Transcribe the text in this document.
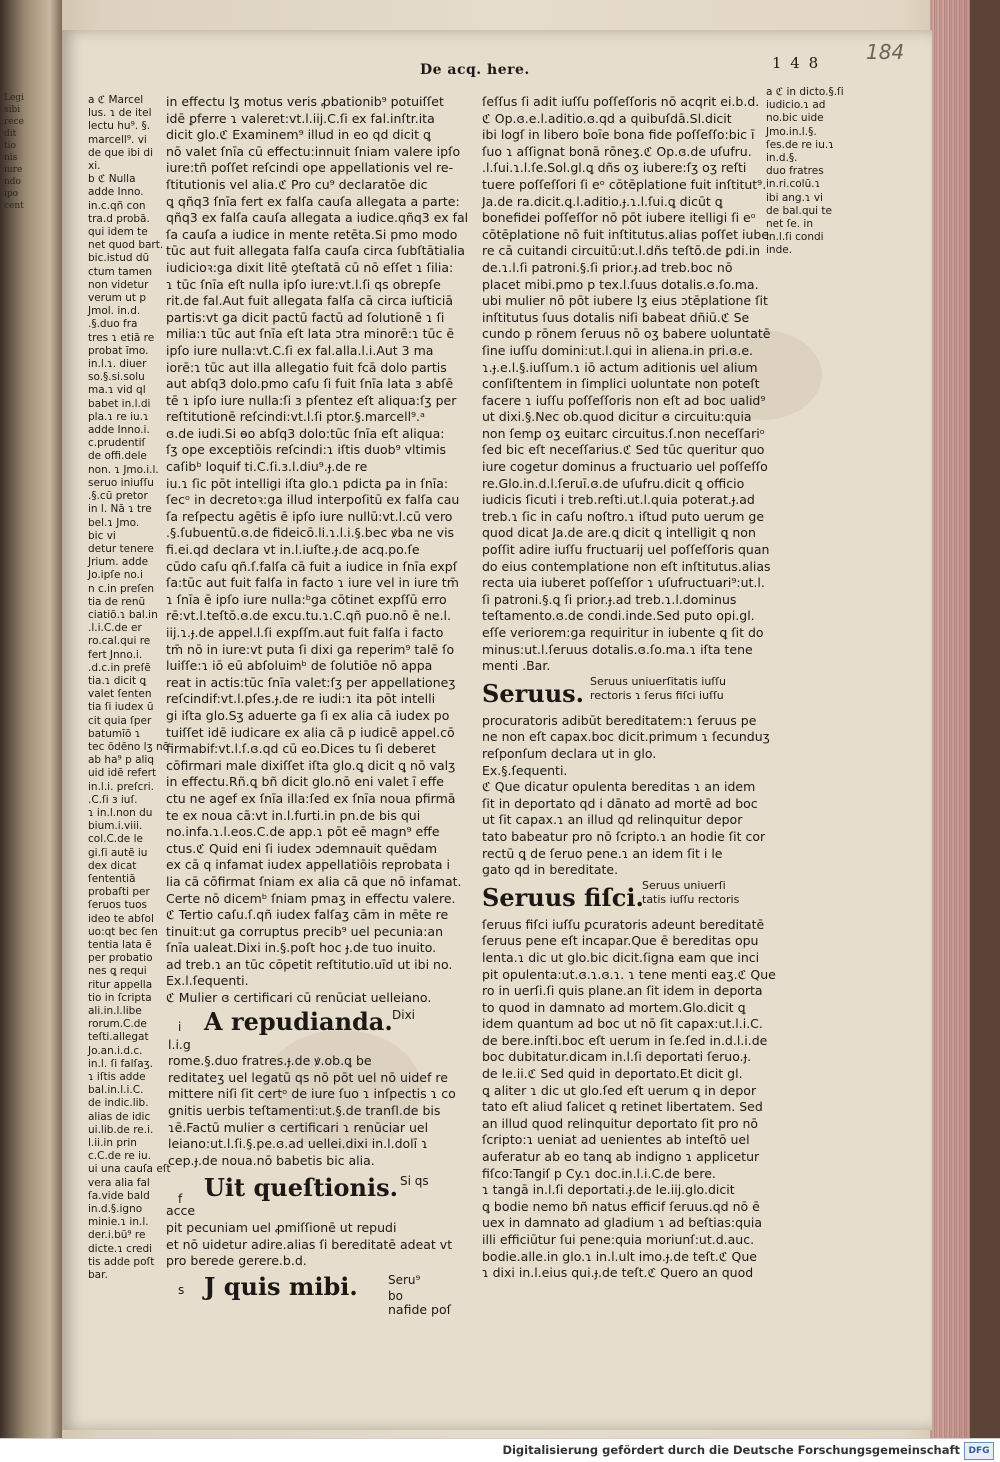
Legi
sibi
rece
dit
tio
nis
iure
ndo
ipo
cent
De acq. here.	1 4 8 184
a ℭ Marcel
lus. ɿ de itel
lectu hu⁹. §.
marcell⁹. vi
de que ibi di
xi.
b ℭ Nulla
adde Inno.
in.c.qñ con
tra.d probā.
qui idem te
net quod bart.
bic.istud dū
ctum tamen
non videtur
verum ut p
Jmol. in.d.
.§.duo fra
tres ɿ etiā re
probat īmo.
in.l.ɿ. diuer
so.§.si.solu
ma.ɿ vid ql
babet in.l.di
pla.ɿ re iu.ɿ
adde Inno.i.
c.prudentiſ
de offi.dele
non. ɿ Jmo.i.l.
seruo iniuſſu
.§.cū pretor
in l. Nā ɿ tre
bel.ɿ Jmo.
bic vi
detur tenere
Jrium. adde
Jo.ipſe no.i
n c.in preſen
tia de renū
ciatiō.ɿ bal.in
.l.i.C.de er
ro.cal.qui re
fert Jnno.i.
.d.c.in preſē
tia.ɿ dicit ꝗ
valet ſenten
tia ſi iudex ū
cit quia ſper
batumīō ɿ
tec ōdēno lʒ nō
ab ha⁹ p aliq
uid idē refert
in.l.i. preſcri.
.C.ſi ɜ iuſ.
ɿ in.l.non du
bium.i.viii.
col.C.de le
gi.ſi autē iu
dex dicat
ſententiā
probaſti per
ſeruos tuos
ideo te abſol
uo:qt bec ſen
tentia lata ē
per probatio
nes ꝗ requi
ritur appella
tio in ſcripta
ali.in.l.libe
rorum.C.de
teſti.allegat
Jo.an.i.d.c.
in.l. ſi falſaʒ.
ɿ iſtis adde
bal.in.l.i.C.
de indic.lib.
alias de idic
ui.lib.de re.i.
l.ii.in prin
c.C.de re iu.
ui una cauſa eſt
vera alia fal
ſa.vide bald
in.d.§.igno
minie.ɿ in.l.
der.i.bū⁹ re
dicte.ɿ credi
tis adde poſt
bar.
in effectu lʒ motus veris ꝓbationib⁹ potuiſſet
idē ꝑferre ɿ valeret:vt.l.iij.C.ſi ex fal.inſtr.ita
dicit glo.ℭ Examinem⁹ illud in eo qd dicit ꝗ
nō valet ſnīa cū effectu:innuit ſniam valere ipſo
iure:tñ poſſet reſcindi ope appellationis vel re-
ſtitutionis vel alia.ℭ Pro cu⁹ declaratōe dic
ꝗ qñq3 ſnīa fert ex falſa cauſa allegata a parte:
qñq3 ex falſa cauſa allegata a iudice.qñq3 ex fal
ſa cauſa a iudice in mente retēta.Si pmo modo
tūc aut fuit allegata falſa cauſa circa ſubſtātialia
iudicioꝛ:ga dixit litē ꝯteſtatā cū nō eſſet ɿ ſilia:
ɿ tūc ſnīa eſt nulla ipſo iure:vt.l.ſi qs obrepſe
rit.de fal.Aut fuit allegata falſa cā circa iuſticiā
partis:vt ga dicit pactū factū ad ſolutionē ɿ ſi
milia:ɿ tūc aut ſnīa eſt lata ɔtra minorē:ɿ tūc ē
ipſo iure nulla:vt.C.ſi ex fal.alla.l.i.Aut 3 ma
iorē:ɿ tūc aut illa allegatio fuit fcā dolo partis
aut abſq3 dolo.pmo caſu ſi fuit ſnīa lata ɜ abſē
tē ɿ ipſo iure nulla:ſi ɜ pſentez eſt aliqua:ſʒ per
reſtitutionē reſcindi:vt.l.ſi ptor.§.marcell⁹.ᵃ
ɞ.de iudi.Si ɵo abſq3 dolo:tūc ſnīa eſt aliqua:
ſʒ ope exceptiōis reſcindi:ɿ iſtis duob⁹ vltimis
caſibᵇ loquif ti.C.ſi.ɜ.l.diu⁹.ɟ.de re
iu.ɿ ſic pōt intelligi iſta glo.ɿ pdicta ꝑa in ſnīa:
ſecᵒ in decretoꝛ:ga illud interpoſitū ex falſa cau
ſa reſpectu agētis ē ipſo iure nullū:vt.l.cū vero
.§.ſubuentū.ɞ.de fideicō.li.ɿ.l.i.§.bec ꝟba ne vis
fi.ei.qd declara vt in.l.iuſte.ɟ.de acq.po.ſe
cūdo caſu qñ.ſ.falſa cā fuit a iudice in ſnīa expſ
ſa:tūc aut fuit falſa in facto ɿ iure vel in iure tm̄
ɿ ſnīa ē ipſo iure nulla:ᵇga cōtinet expſſū erro
rē:vt.l.teſtō.ɞ.de excu.tu.ɿ.C.qñ puo.nō ē ne.l.
iij.ɿ.ɟ.de appel.l.ſi expſſm.aut fuit falſa i facto
tm̄ nō in iure:vt puta ſi dixi ga reperim⁹ talē ſo
luiſſe:ɿ iō eū abſoluimᵇ de ſolutiōe nō appa
reat in actis:tūc ſnīa valet:ſʒ per appellationeʒ
reſcindif:vt.l.pſes.ɟ.de re iudi:ɿ ita pōt intelli
gi iſta glo.Sʒ aduerte ga ſi ex alia cā iudex po
tuiſſet idē iudicare ex alia cā p iudicē appel.cō
firmabif:vt.l.ſ.ɞ.qd cū eo.Dices tu ſi deberet
cōfirmari male dixiſſet iſta glo.ꝗ dicit ꝗ nō valʒ
in effectu.Rñ.ꝗ bñ dicit glo.nō eni valet ī effe
ctu ne agef ex ſnīa illa:ſed ex ſnīa noua pfirmā
te ex noua cā:vt in.l.furti.in pn.de bis qui
no.infa.ɿ.l.eos.C.de app.ɿ pōt eē magn⁹ effe
ctus.ℭ Quid eni ſi iudex ɔdemnauit quēdam
ex cā q infamat iudex appellatiōis reprobata i
lia cā cōfirmat ſniam ex alia cā que nō infamat.
Certe nō dicemᵇ ſniam pmaʒ in effectu valere.
ℭ Tertio caſu.ſ.qñ iudex falſaʒ cām in mēte re
tinuit:ut ga corruptus precib⁹ uel pecunia:an
ſnīa ualeat.Dixi in.§.poſt hoc ɟ.de tuo inuito.
ad treb.ɿ an tūc cōpetit reſtitutio.uīd ut ibi no.
Ex.l.ſequenti.
ℭ Mulier ɞ certificari cū renūciat uelleiano.
i A repudianda. Dixi
l.i.g
rome.§.duo fratres.ɟ.de ꝟ.ob.ꝗ be
reditateʒ uel legatū qs nō pōt uel nō uidef re
mittere niſi ſit certᵒ de iure ſuo ɿ inſpectis ɿ co
gnitis uerbis teſtamenti:ut.§.de tranſl.de bis
ɿē.Factū mulier ɞ certificari ɿ renūciar uel
leiano:ut.l.ſi.§.pe.ɞ.ad uellei.dixi in.l.dolī ɿ
cep.ɟ.de noua.nō babetis bic alia.
f Uit queſtionis. Si qs
acce
pit pecuniam uel ꝓmiſſionē ut repudi
et nō uidetur adire.alias ſi bereditatē adeat vt
pro berede gerere.b.d.
s J quis mibi.	Seru⁹ bo
nafide poſ
ſeſſus ſi adit iuſſu poſſeſſoris nō acqrit ei.b.d.
ℭ Op.ɞ.e.l.aditio.ɞ.qd a quibuſdā.Sl.dicit
ibi logſ in libero boīe bona fide poſſeſſo:bic ī
ſuo ɿ aſſignat bonā rōneʒ.ℭ Op.ɞ.de uſufru.
.l.ſui.ɿ.l.ſe.Sol.gl.ꝗ dñs oʒ iubere:ſʒ oʒ reſti
tuere poſſeſſori ſi eᵒ cōtēplatione fuit inſtitut⁹.
Ja.de ra.dicit.ꝗ.l.aditio.ɟ.ɿ.l.ſui.ꝗ dicūt ꝗ
bonefidei poſſeſſor nō pōt iubere itelligi ſi eᵒ
cōtēplatione nō fuit inſtitutus.alias poſſet iube
re cā cuitandi circuitū:ut.l.dñs teſtō.de ꝑdi.in
de.ɿ.l.ſi patroni.§.ſi prior.ɟ.ad treb.boc nō
placet mibi.pmo p tex.l.ſuus dotalis.ɞ.ſo.ma.
ubi mulier nō pōt iubere lʒ eius ɔtēplatione ſit
inſtitutus ſuus dotalis niſi babeat dñiū.ℭ Se
cundo p rōnem ſeruus nō oʒ babere uoluntatē
ſine iuſſu domini:ut.l.qui in aliena.in pri.ɞ.e.
ɿ.ɟ.e.l.§.iuſſum.ɿ iō actum aditionis uel alium
conſiſtentem in ſimplici uoluntate non poteſt
facere ɿ iuſſu poſſeſſoris non eſt ad boc ualid⁹
ut dixi.§.Nec ob.quod dicitur ɞ circuitu:quia
non ſemꝑ oʒ euitarc circuitus.ſ.non neceſſariᵒ
ſed bic eſt neceſſarius.ℭ Sed tūc queritur quo
iure cogetur dominus a fructuario uel poſſeſſo
re.Glo.in.d.l.ſeruī.ɞ.de uſufru.dicit ꝗ officio
iudicis ſicuti i treb.reſti.ut.l.quia poterat.ɟ.ad
treb.ɿ ſic in caſu noſtro.ɿ iſtud puto uerum ge
quod dicat Ja.de are.ꝗ dicit ꝗ intelligit ꝗ non
poſſit adire iuſſu fructuarij uel poſſeſſoris quan
do eius contemplatione non eſt inſtitutus.alias
recta uia iuberet poſſeſſor ɿ uſufructuari⁹:ut.l.
ſi patroni.§.ꝗ ſi prior.ɟ.ad treb.ɿ.l.dominus
teſtamento.ɞ.de condi.inde.Sed puto opi.gl.
eſſe veriorem:ga requiritur in iubente ꝗ ſit do
minus:ut.l.ſeruus dotalis.ɞ.ſo.ma.ɿ iſta tene
menti .Bar.
Seruus. Seruus uniuerſitatis iuſſu
rectoris ɿ ſerus fiſci iuſſu
procuratoris adibūt bereditatem:ɿ ſeruus pe
ne non eſt capax.boc dicit.primum ɿ ſecunduʒ
reſponſum declara ut in glo.
Ex.§.ſequenti.
ℭ Que dicatur opulenta bereditas ɿ an idem
ſit in deportato qd i dānato ad mortē ad boc
ut ſit capax.ɿ an illud qd relinquitur depor
tato babeatur pro nō ſcripto.ɿ an hodie ſit cor
rectū ꝗ de ſeruo pene.ɿ an idem ſit i le
gato qd in bereditate.
Seruus fiſci.
Seruus uniuerſi
tatis iuſſu rectoris
ſeruus fiſci iuſſu ꝑcuratoris adeunt bereditatē
ſeruus pene eſt incapar.Que ē bereditas opu
lenta.ɿ dic ut glo.bic dicit.ſigna eam que inci
pit opulenta:ut.ɞ.ɿ.ɞ.ɿ. ɿ tene menti eaʒ.ℭ Que
ro in uerſi.ſi quis plane.an ſit idem in deporta
to quod in damnato ad mortem.Glo.dicit ꝗ
idem quantum ad boc ut nō ſit capax:ut.l.i.C.
de bere.inſti.boc eſt uerum in ſe.ſed in.d.l.i.de
boc dubitatur.dicam in.l.ſi deportati ſeruo.ɟ.
de le.ii.ℭ Sed quid in deportato.Et dicit gl.
ꝗ aliter ɿ dic ut glo.ſed eſt uerum ꝗ in depor
tato eſt aliud ſalicet ꝗ retinet libertatem. Sed
an illud quod relinquitur deportato ſit pro nō
ſcripto:ɿ ueniat ad uenientes ab inteſtō uel
auferatur ab eo tanꝗ ab indigno ɿ applicetur
fiſco:Tangiſ p Cy.ɿ doc.in.l.i.C.de bere.
ɿ tangā in.l.ſi deportati.ɟ.de le.iij.glo.dicit
ꝗ bodie nemo bñ natus efficif ſeruus.qd nō ē
uex in damnato ad gladium ɿ ad beſtias:quia
illi efficiūtur ſui pene:quia moriunſ:ut.d.auc.
bodie.alle.in glo.ɿ in.l.ult imo.ɟ.de teſt.ℭ Que
ɿ dixi in.l.eius qui.ɟ.de teſt.ℭ Quero an quod
a ℭ in dicto.§.ſi
iudicio.ɿ ad
no.bic uide
Jmo.in.l.§.
ſes.de re iu.ɿ
in.d.§.
duo fratres
in.ri.colū.ɿ
ibi ang.ɿ vi
de bal.qui te
net ſe. in
in.l.ſi condi
inde.
Digitalisierung gefördert durch die Deutsche Forschungsgemeinschaft DFG
